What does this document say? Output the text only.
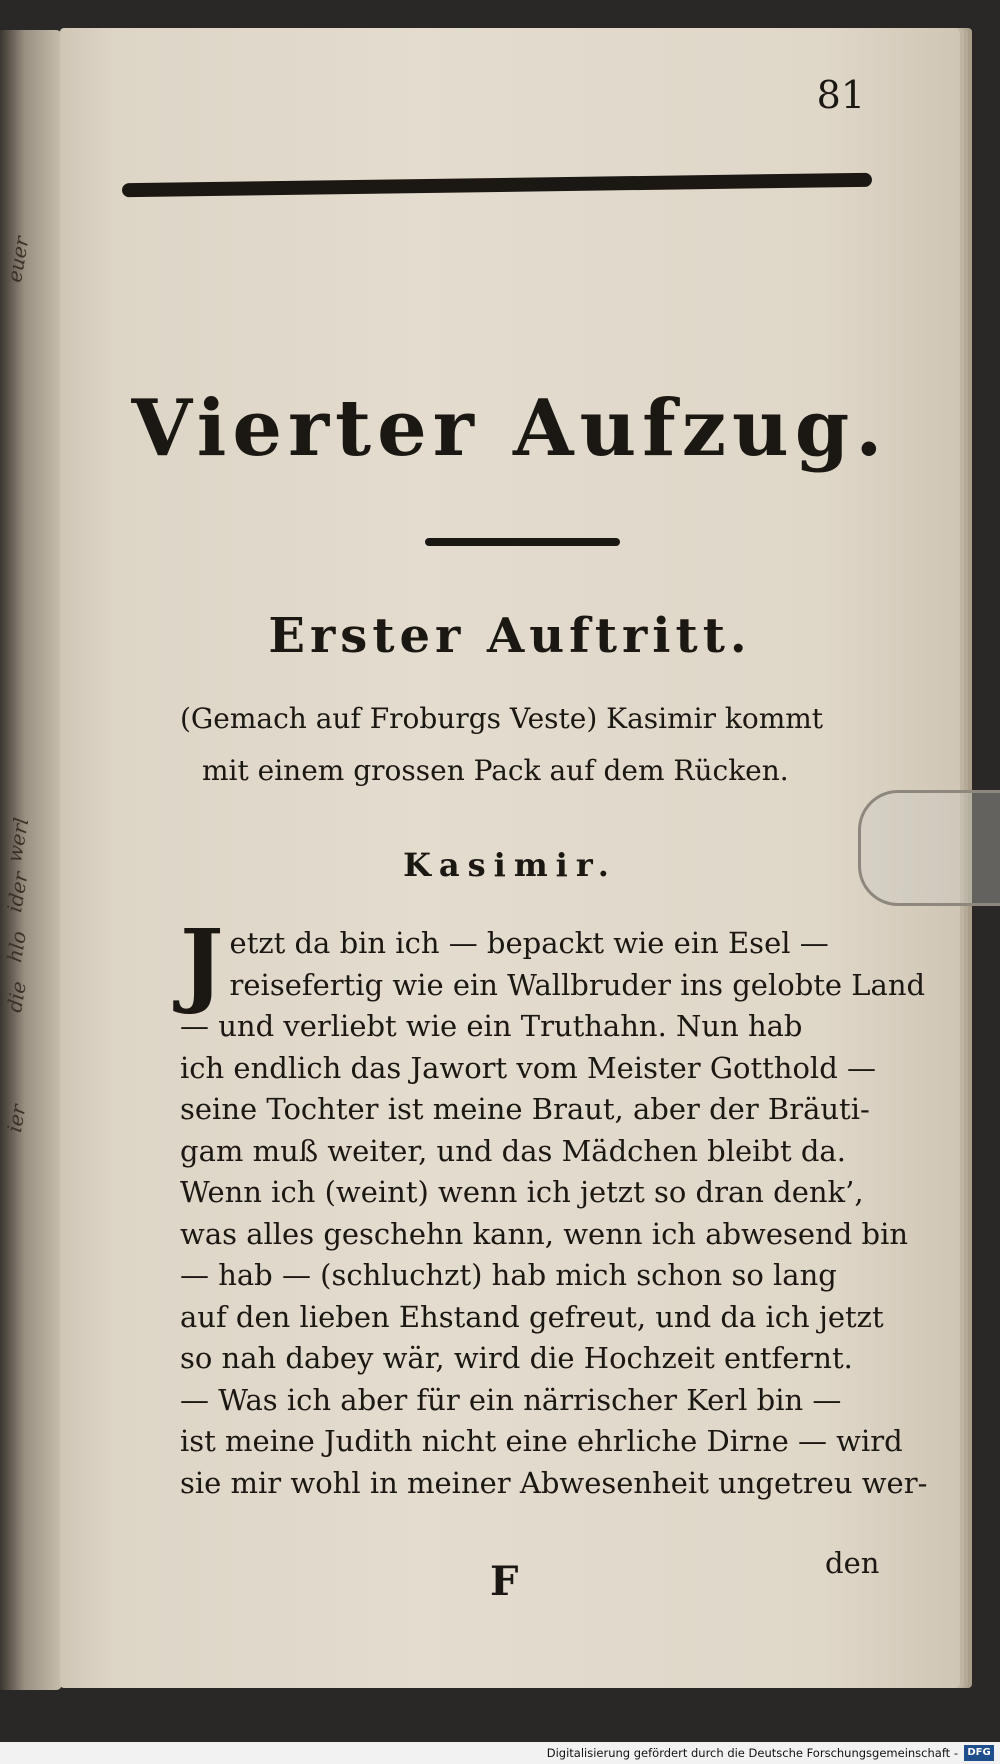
euer
werl
ider
hlo
die
ier
81
Vierter Aufzug.
Erster Auftritt.
(Gemach auf Froburgs Veste) Kasimir kommt
mit einem grossen Pack auf dem Rücken.
Kasimir.
J etzt da bin ich — bepackt wie ein Esel —
reisefertig wie ein Wallbruder ins gelobte Land
— und verliebt wie ein Truthahn. Nun hab
ich endlich das Jawort vom Meister Gotthold —
seine Tochter ist meine Braut, aber der Bräuti-
gam muß weiter, und das Mädchen bleibt da.
Wenn ich (weint) wenn ich jetzt so dran denk’,
was alles geschehn kann, wenn ich abwesend bin
— hab — (schluchzt) hab mich schon so lang
auf den lieben Ehstand gefreut, und da ich jetzt
so nah dabey wär, wird die Hochzeit entfernt.
— Was ich aber für ein närrischer Kerl bin —
ist meine Judith nicht eine ehrliche Dirne — wird
sie mir wohl in meiner Abwesenheit ungetreu wer-
F	den
Digitalisierung gefördert durch die Deutsche Forschungsgemeinschaft - DFG
